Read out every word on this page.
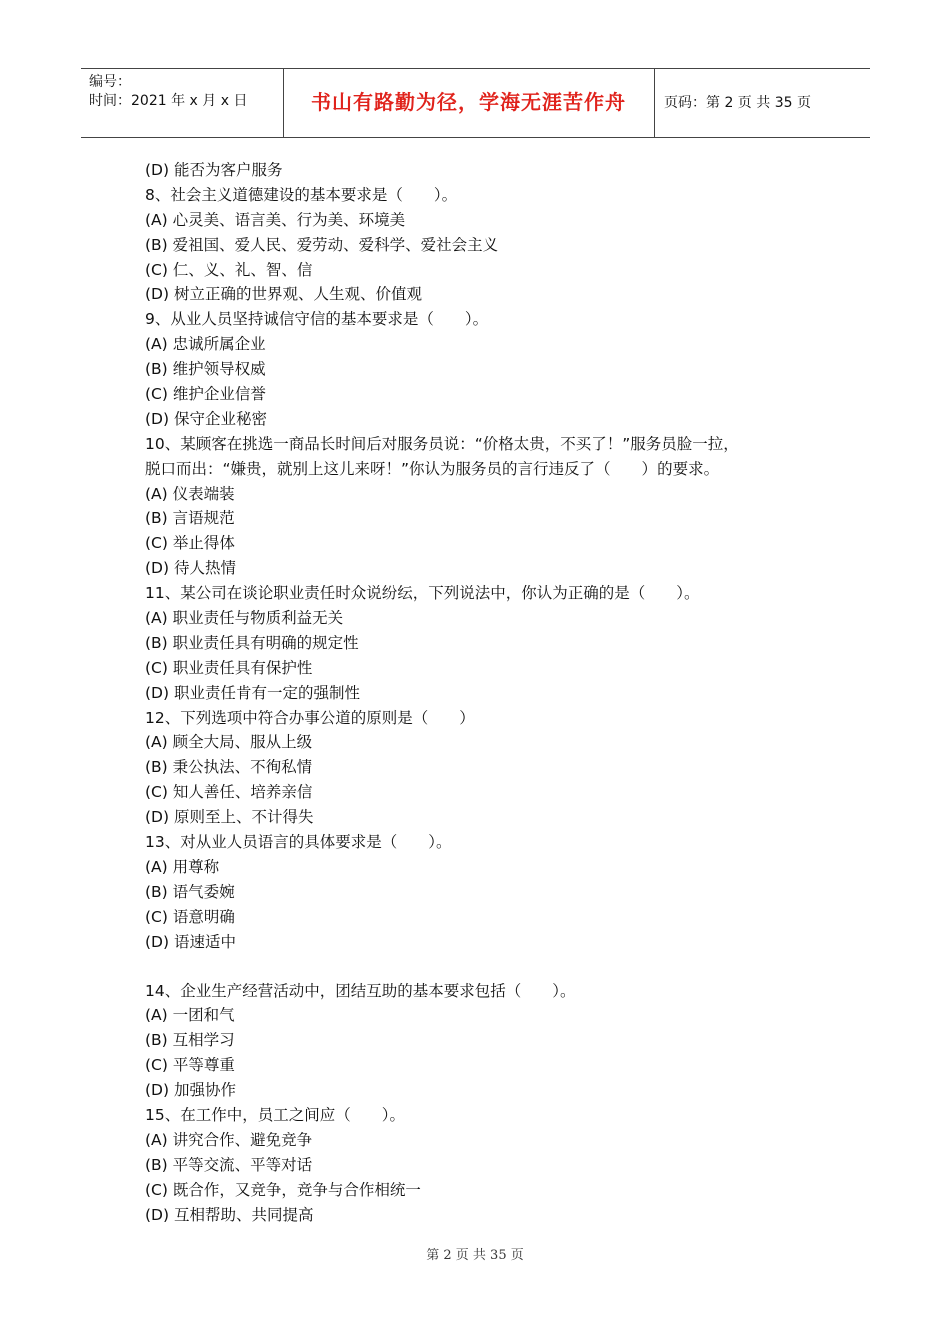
编号：
时间：2021 年 x 月 x 日	书山有路勤为径，学海无涯苦作舟	页码：第 2 页 共 35 页
(D) 能否为客户服务
8、社会主义道德建设的基本要求是（　　）。
(A) 心灵美、语言美、行为美、环境美
(B) 爱祖国、爱人民、爱劳动、爱科学、爱社会主义
(C) 仁、义、礼、智、信
(D) 树立正确的世界观、人生观、价值观
9、从业人员坚持诚信守信的基本要求是（　　）。
(A) 忠诚所属企业
(B) 维护领导权威
(C) 维护企业信誉
(D) 保守企业秘密
10、某顾客在挑选一商品长时间后对服务员说：“价格太贵，不买了！”服务员脸一拉，
脱口而出：“嫌贵，就别上这儿来呀！”你认为服务员的言行违反了（　　）的要求。
(A) 仪表端装
(B) 言语规范
(C) 举止得体
(D) 待人热情
11、某公司在谈论职业责任时众说纷纭，下列说法中，你认为正确的是（　　）。
(A) 职业责任与物质利益无关
(B) 职业责任具有明确的规定性
(C) 职业责任具有保护性
(D) 职业责任肯有一定的强制性
12、下列选项中符合办事公道的原则是（　　）
(A) 顾全大局、服从上级
(B) 秉公执法、不徇私情
(C) 知人善任、培养亲信
(D) 原则至上、不计得失
13、对从业人员语言的具体要求是（　　）。
(A) 用尊称
(B) 语气委婉
(C) 语意明确
(D) 语速适中
14、企业生产经营活动中，团结互助的基本要求包括（　　）。
(A) 一团和气
(B) 互相学习
(C) 平等尊重
(D) 加强协作
15、在工作中，员工之间应（　　）。
(A) 讲究合作、避免竞争
(B) 平等交流、平等对话
(C) 既合作，又竞争，竞争与合作相统一
(D) 互相帮助、共同提高
第 2 页 共 35 页
